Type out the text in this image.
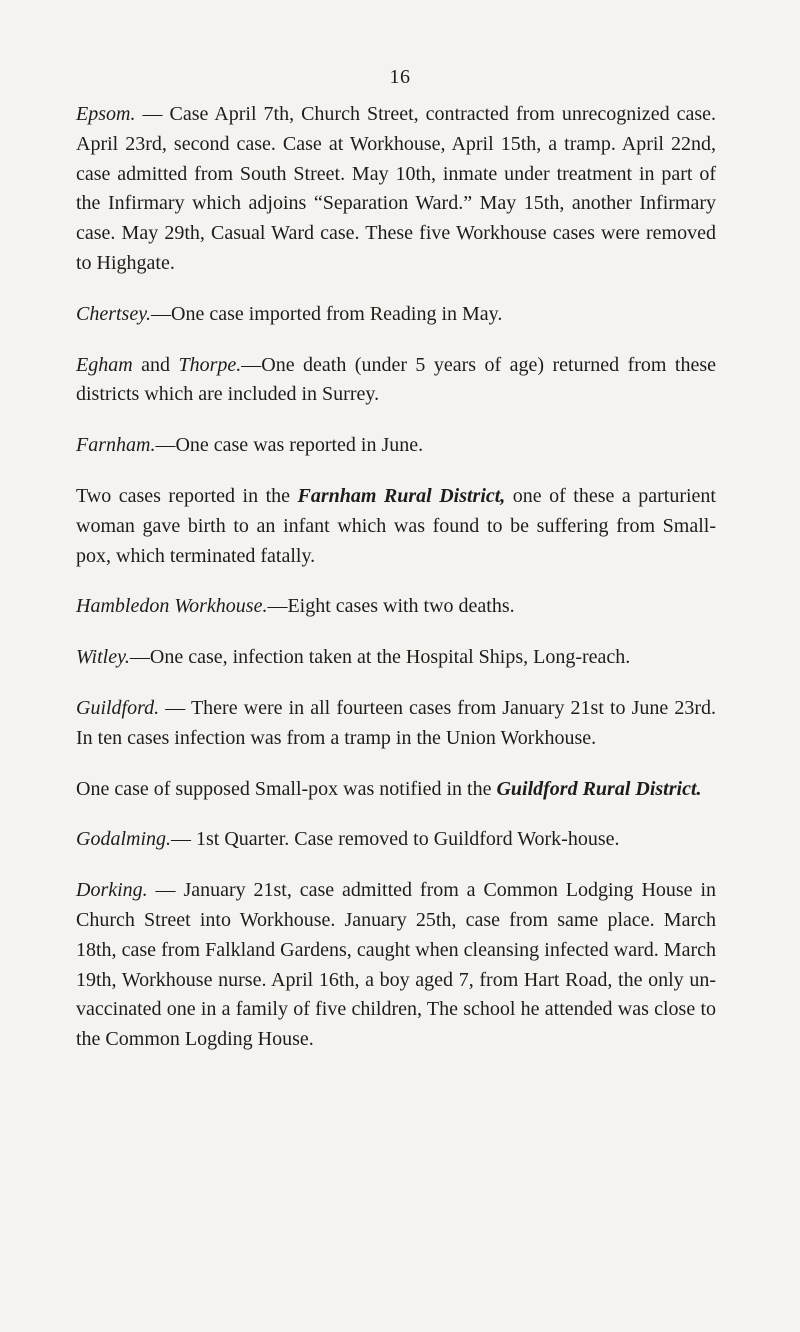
16

Epsom. — Case April 7th, Church Street, contracted from unrecognized case. April 23rd, second case. Case at Workhouse, April 15th, a tramp. April 22nd, case admitted from South Street. May 10th, inmate under treatment in part of the Infirmary which adjoins “Separation Ward.” May 15th, another Infirmary case. May 29th, Casual Ward case. These five Workhouse cases were removed to Highgate.

Chertsey.—One case imported from Reading in May.

Egham and Thorpe.—One death (under 5 years of age) returned from these districts which are included in Surrey.

Farnham.—One case was reported in June.

Two cases reported in the Farnham Rural District, one of these a parturient woman gave birth to an infant which was found to be suffering from Small-pox, which terminated fatally.

Hambledon Workhouse.—Eight cases with two deaths.

Witley.—One case, infection taken at the Hospital Ships, Long-reach.

Guildford. — There were in all fourteen cases from January 21st to June 23rd. In ten cases infection was from a tramp in the Union Workhouse.

One case of supposed Small-pox was notified in the Guildford Rural District.

Godalming.— 1st Quarter. Case removed to Guildford Work-house.

Dorking. — January 21st, case admitted from a Common Lodging House in Church Street into Workhouse. January 25th, case from same place. March 18th, case from Falkland Gardens, caught when cleansing infected ward. March 19th, Workhouse nurse. April 16th, a boy aged 7, from Hart Road, the only un-vaccinated one in a family of five children, The school he attended was close to the Common Logding House.
